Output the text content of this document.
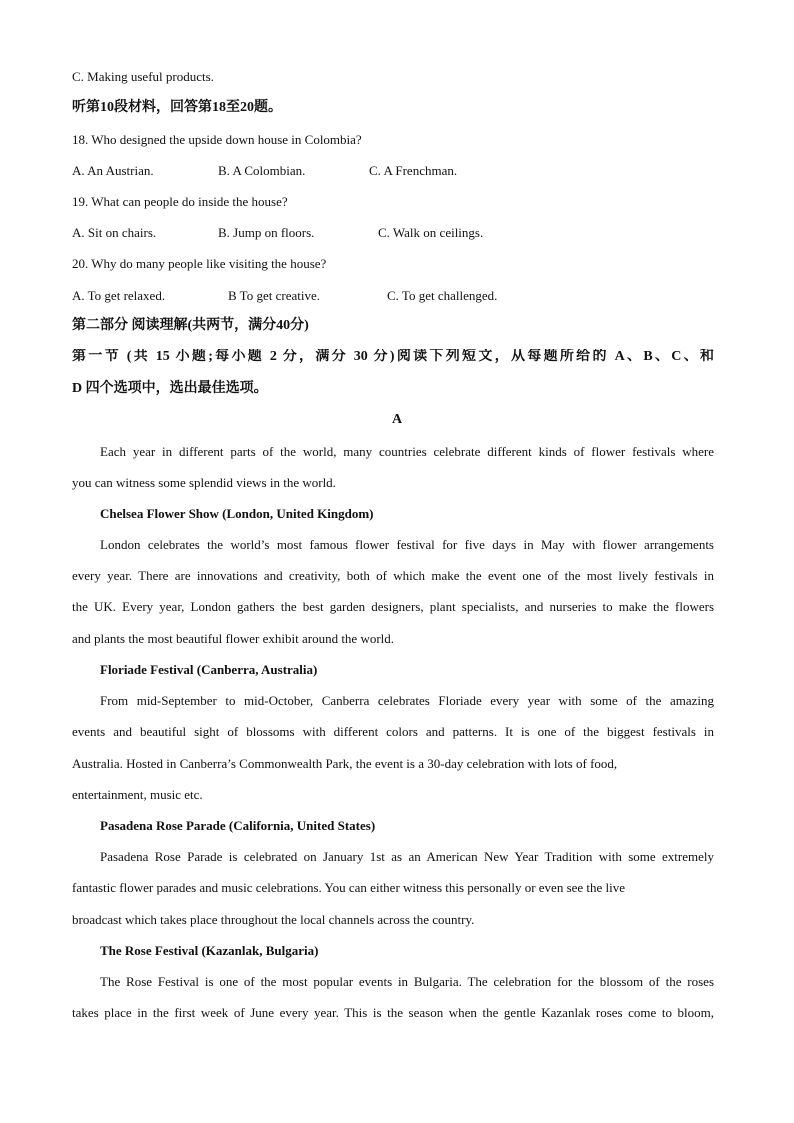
C. Making useful products.
听第10段材料，回答第18至20题。
18. Who designed the upside down house in Colombia?
A. An Austrian.	B. A Colombian.	C. A Frenchman.
19. What can people do inside the house?
A. Sit on chairs.	B. Jump on floors.	C. Walk on ceilings.
20. Why do many people like visiting the house?
A. To get relaxed.	B To get creative.	C. To get challenged.
第二部分 阅读理解(共两节，满分40分)
第一节 (共 15 小题;每小题 2 分，满分 30 分)阅读下列短文，从每题所给的 A、B、C、和
D 四个选项中，选出最佳选项。
A
Each year in different parts of the world, many countries celebrate different kinds of flower festivals where
you can witness some splendid views in the world.
Chelsea Flower Show (London, United Kingdom)
London celebrates the world’s most famous flower festival for five days in May with flower arrangements
every year. There are innovations and creativity, both of which make the event one of the most lively festivals in
the UK. Every year, London gathers the best garden designers, plant specialists, and nurseries to make the flowers
and plants the most beautiful flower exhibit around the world.
Floriade Festival (Canberra, Australia)
From mid-September to mid-October, Canberra celebrates Floriade every year with some of the amazing
events and beautiful sight of blossoms with different colors and patterns. It is one of the biggest festivals in
Australia. Hosted in Canberra’s Commonwealth Park, the event is a 30-day celebration with lots of food,
entertainment, music etc.
Pasadena Rose Parade (California, United States)
Pasadena Rose Parade is celebrated on January 1st as an American New Year Tradition with some extremely
fantastic flower parades and music celebrations. You can either witness this personally or even see the live
broadcast which takes place throughout the local channels across the country.
The Rose Festival (Kazanlak, Bulgaria)
The Rose Festival is one of the most popular events in Bulgaria. The celebration for the blossom of the roses
takes place in the first week of June every year. This is the season when the gentle Kazanlak roses come to bloom,
